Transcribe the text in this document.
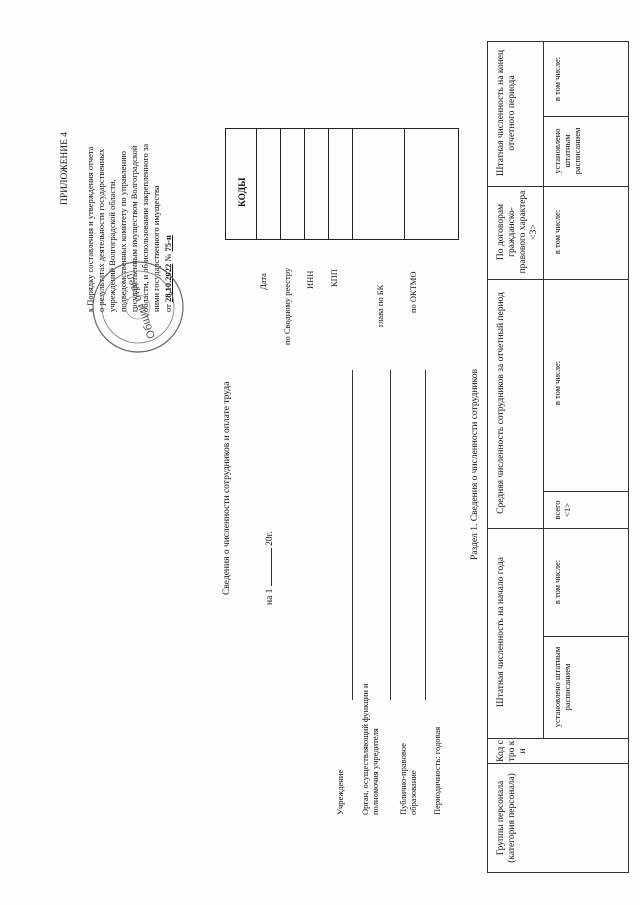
ПРИЛОЖЕНИЕ 4 к Порядку составления и утверждения отчета о результатах деятельности государственных учреждений Волгоградской области, подведомственных комитету по управлению государственным имуществом Волгоградской области, и об использовании закрепленного за ними государственного имущества от 28.10.2022 № 75-н
Общий отдел
Сведения о численности сотрудников и оплате труда
на 1  20г.
Дата по Сводному реестру ИНН КПП
глава по БК	по ОКТМО
КОДЫ
Учреждение Орган, осуществляющий функции и полномочия учредителя Публично-правовое образование Периодичность: годовая
Раздел 1. Сведения о численности сотрудников
Группы персонала (категория персонала)
Код стро ки
Штатная численность на начало года
Средняя численность сотрудников за отчетный период
По договорам гражданско-правового характера <3>
Штатная численность на конец отчетного периода
установлено штатным расписанием
в том числе:
всего <1>
в том числе:
в том числе:
установлено штатным расписанием
в том числе:
